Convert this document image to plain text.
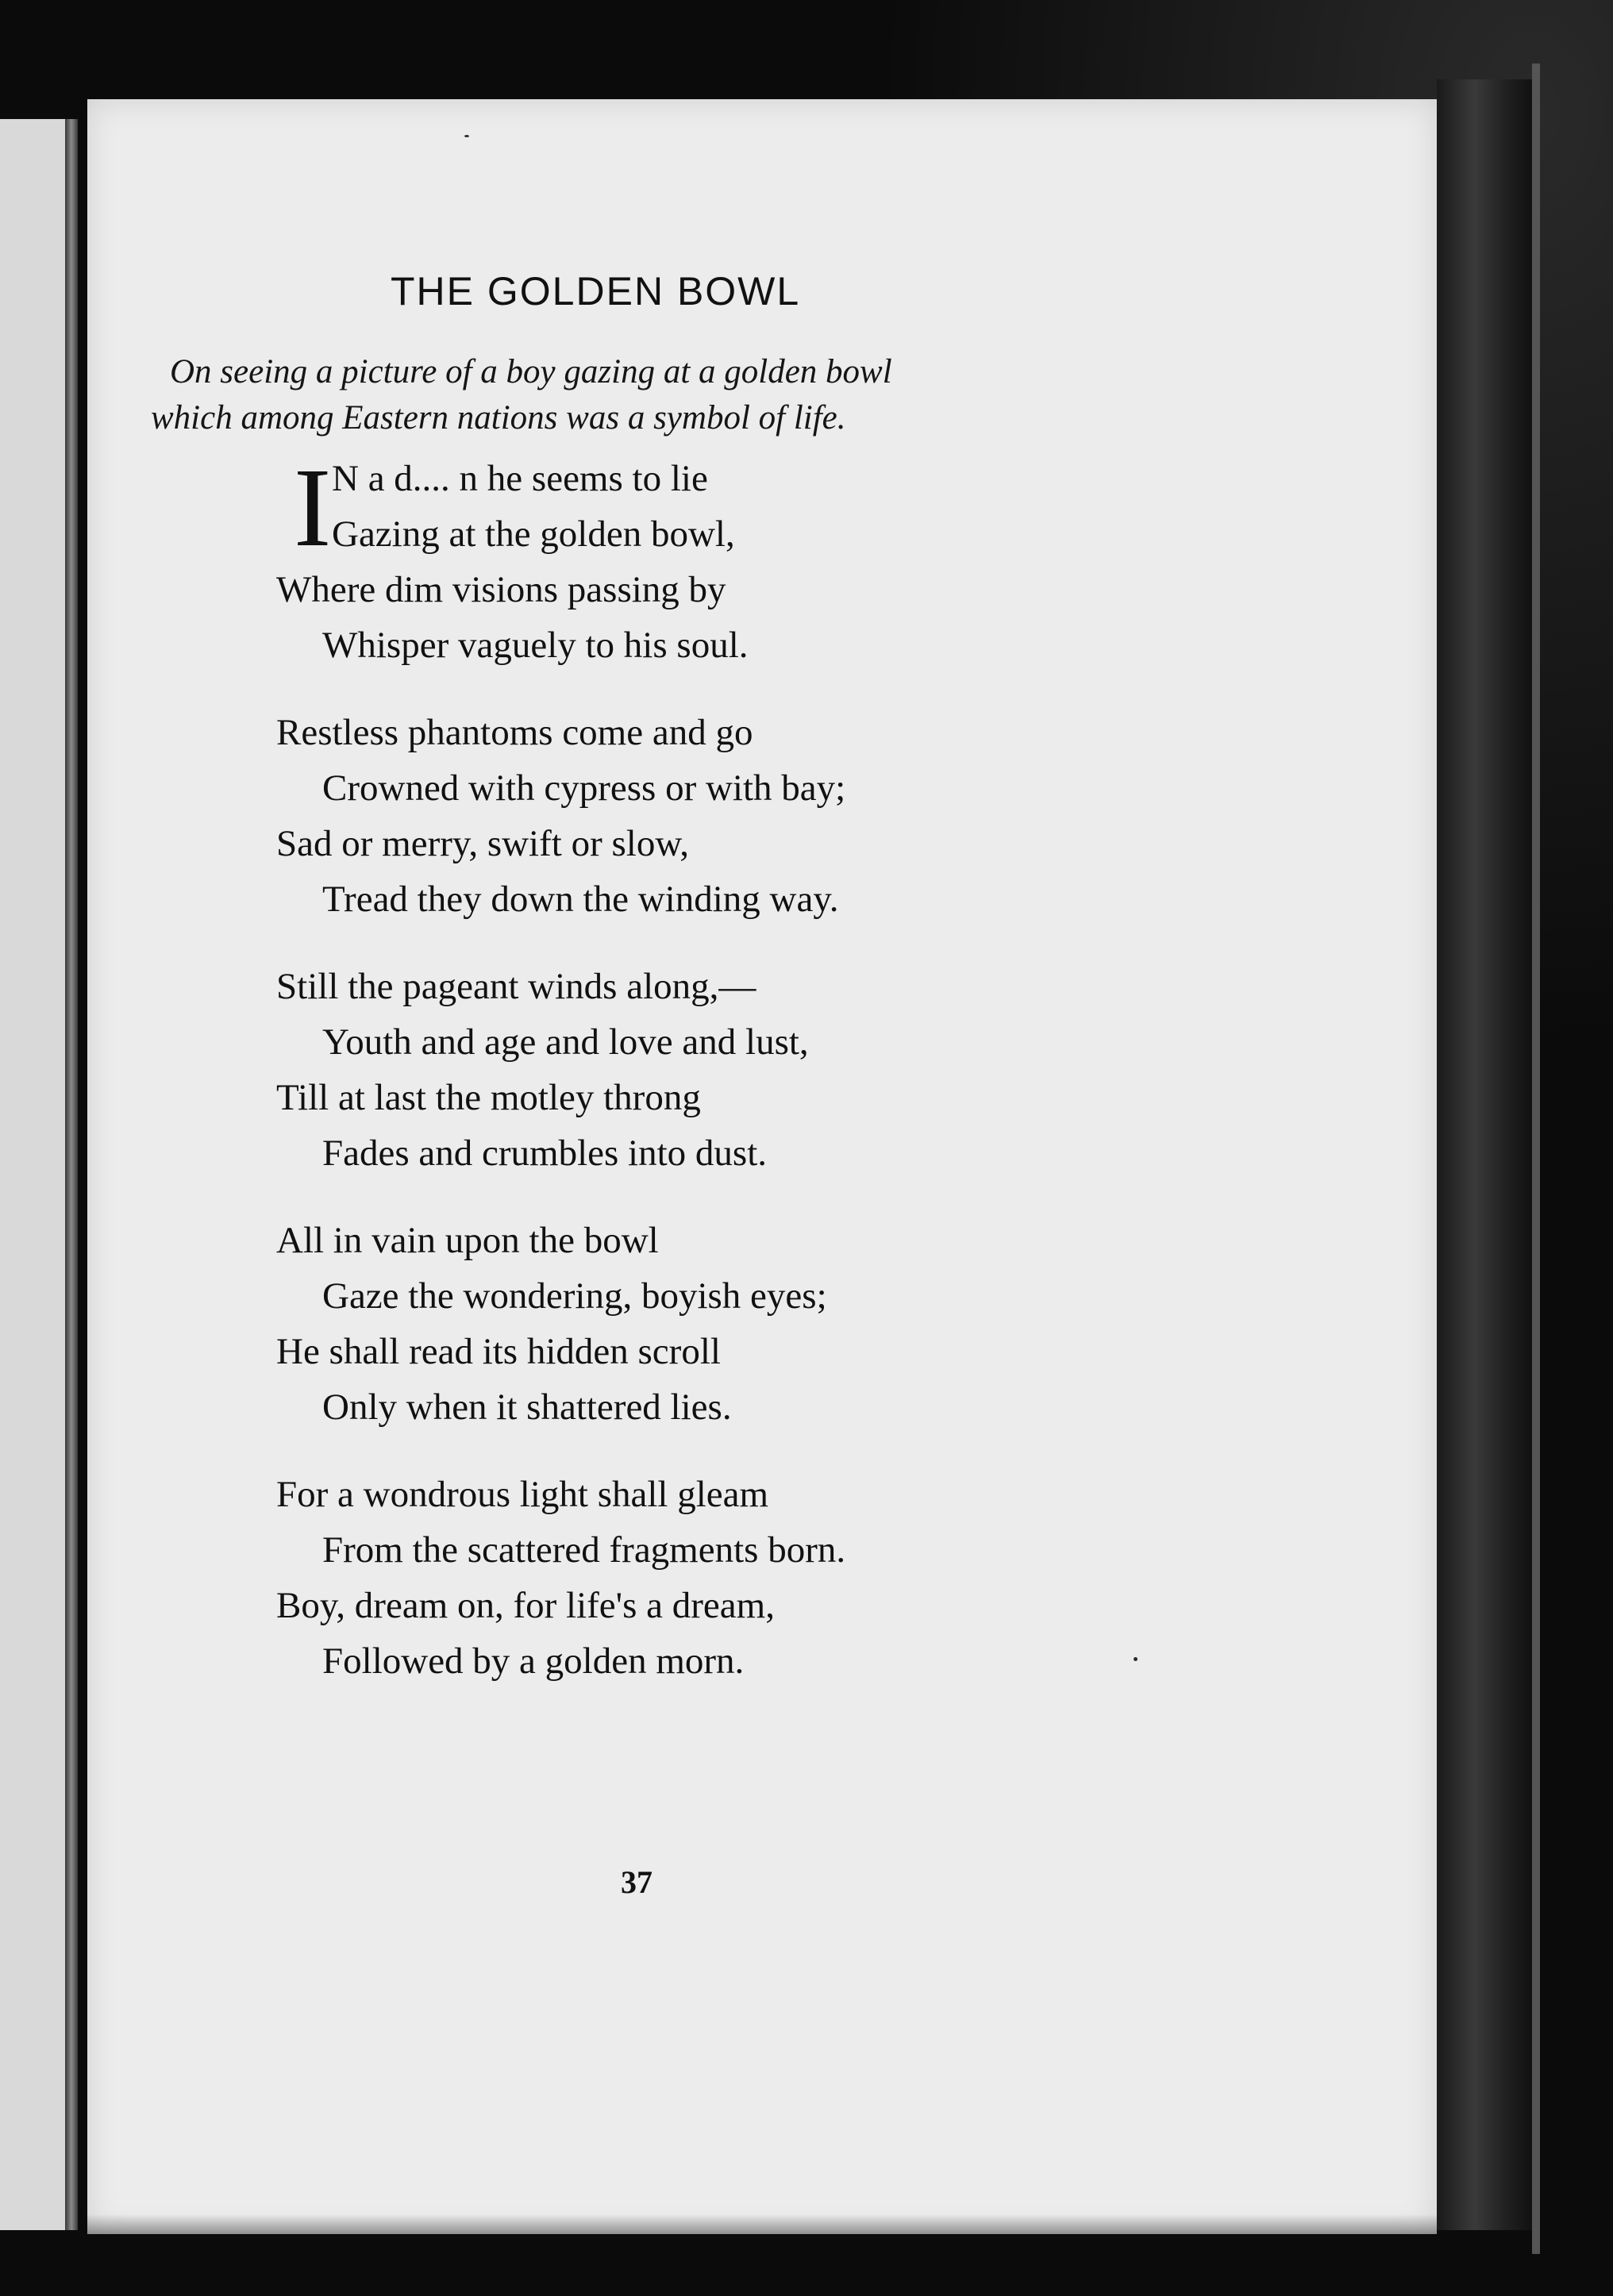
THE GOLDEN BOWL
On seeing a picture of a boy gazing at a golden bowl
which among Eastern nations was a symbol of life.
I N a d.... n he seems to lie
Gazing at the golden bowl,
Where dim visions passing by
Whisper vaguely to his soul.
Restless phantoms come and go
Crowned with cypress or with bay;
Sad or merry, swift or slow,
Tread they down the winding way.
Still the pageant winds along,—
Youth and age and love and lust,
Till at last the motley throng
Fades and crumbles into dust.
All in vain upon the bowl
Gaze the wondering, boyish eyes;
He shall read its hidden scroll
Only when it shattered lies.
For a wondrous light shall gleam
From the scattered fragments born.
Boy, dream on, for life's a dream,
Followed by a golden morn.
37
